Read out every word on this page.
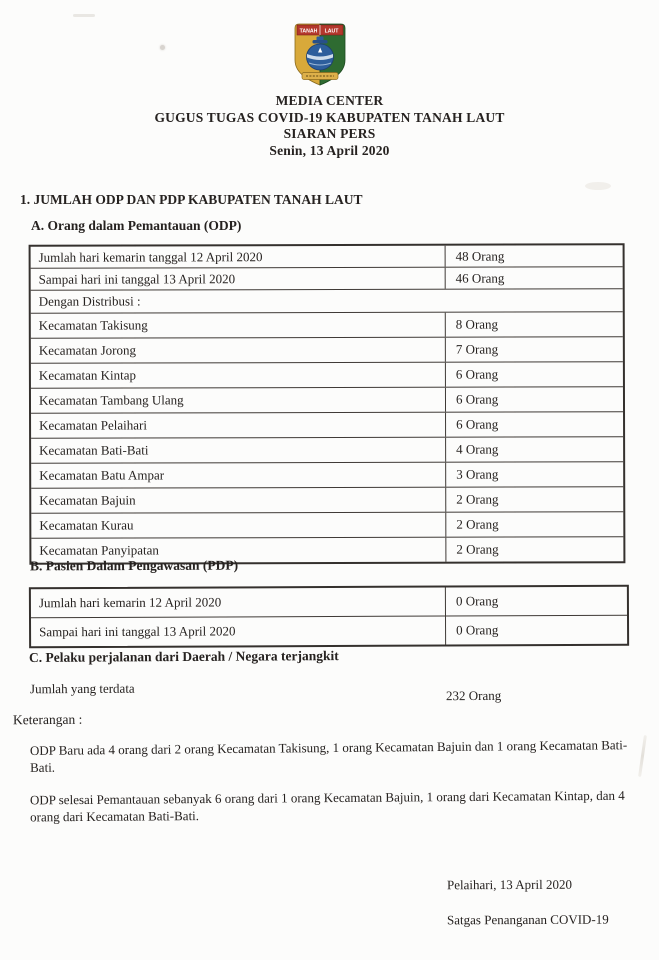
TANAH LAUT
MEDIA CENTER
GUGUS TUGAS COVID-19 KABUPATEN TANAH LAUT
SIARAN PERS
Senin, 13 April 2020
1. JUMLAH ODP DAN PDP KABUPATEN TANAH LAUT
A. Orang dalam Pemantauan (ODP)
Jumlah hari kemarin tanggal 12 April 2020	48 Orang
Sampai hari ini tanggal 13 April 2020	46 Orang
Dengan Distribusi :
Kecamatan Takisung	8 Orang
Kecamatan Jorong	7 Orang
Kecamatan Kintap	6 Orang
Kecamatan Tambang Ulang	6 Orang
Kecamatan Pelaihari	6 Orang
Kecamatan Bati-Bati	4 Orang
Kecamatan Batu Ampar	3 Orang
Kecamatan Bajuin	2 Orang
Kecamatan Kurau	2 Orang
Kecamatan Panyipatan	2 Orang
B. Pasien Dalam Pengawasan (PDP)
Jumlah hari kemarin 12 April 2020	0 Orang
Sampai hari ini tanggal 13 April 2020	0 Orang
C. Pelaku perjalanan dari Daerah / Negara terjangkit
Jumlah yang terdata	232 Orang
Keterangan :
ODP Baru ada 4 orang dari 2 orang Kecamatan Takisung, 1 orang Kecamatan Bajuin dan 1 orang Kecamatan Bati-Bati.
ODP selesai Pemantauan sebanyak 6 orang dari 1 orang Kecamatan Bajuin, 1 orang dari Kecamatan Kintap, dan 4 orang dari Kecamatan Bati-Bati.
Pelaihari, 13 April 2020
Satgas Penanganan COVID-19
